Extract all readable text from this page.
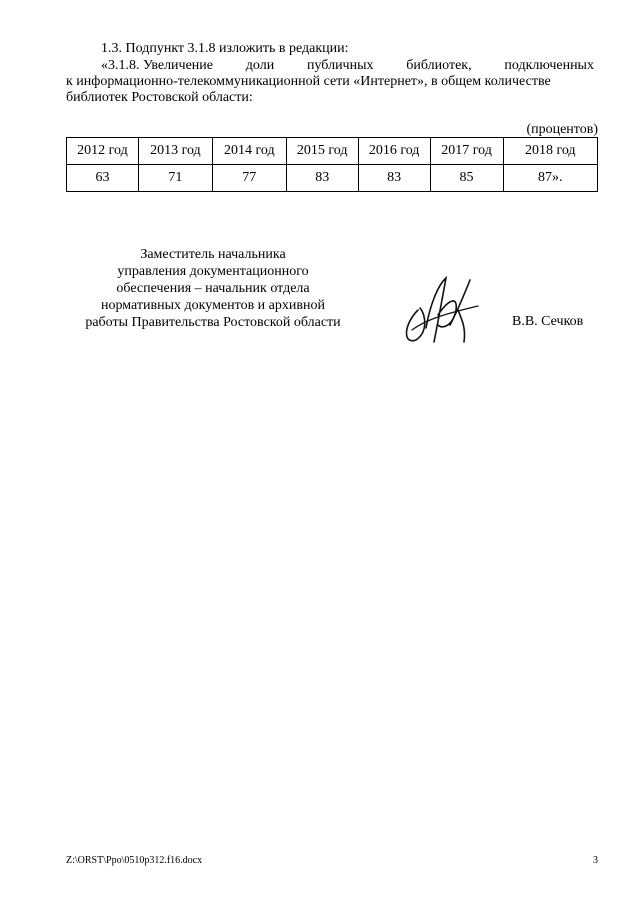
1.3. Подпункт 3.1.8 изложить в редакции:
«3.1.8. Увеличение доли публичных библиотек, подключенных
к информационно-телекоммуникационной сети «Интернет», в общем количестве
библиотек Ростовской области:
(процентов)
2012 год	2013 год	2014 год	2015 год	2016 год	2017 год	2018 год
63	71	77	83	83	85	87».
Заместитель начальника
управления документационного
обеспечения – начальник отдела
нормативных документов и архивной
работы Правительства Ростовской области	В.В. Сечков
Z:\ORST\Ppo\0510p312.f16.docx	3
